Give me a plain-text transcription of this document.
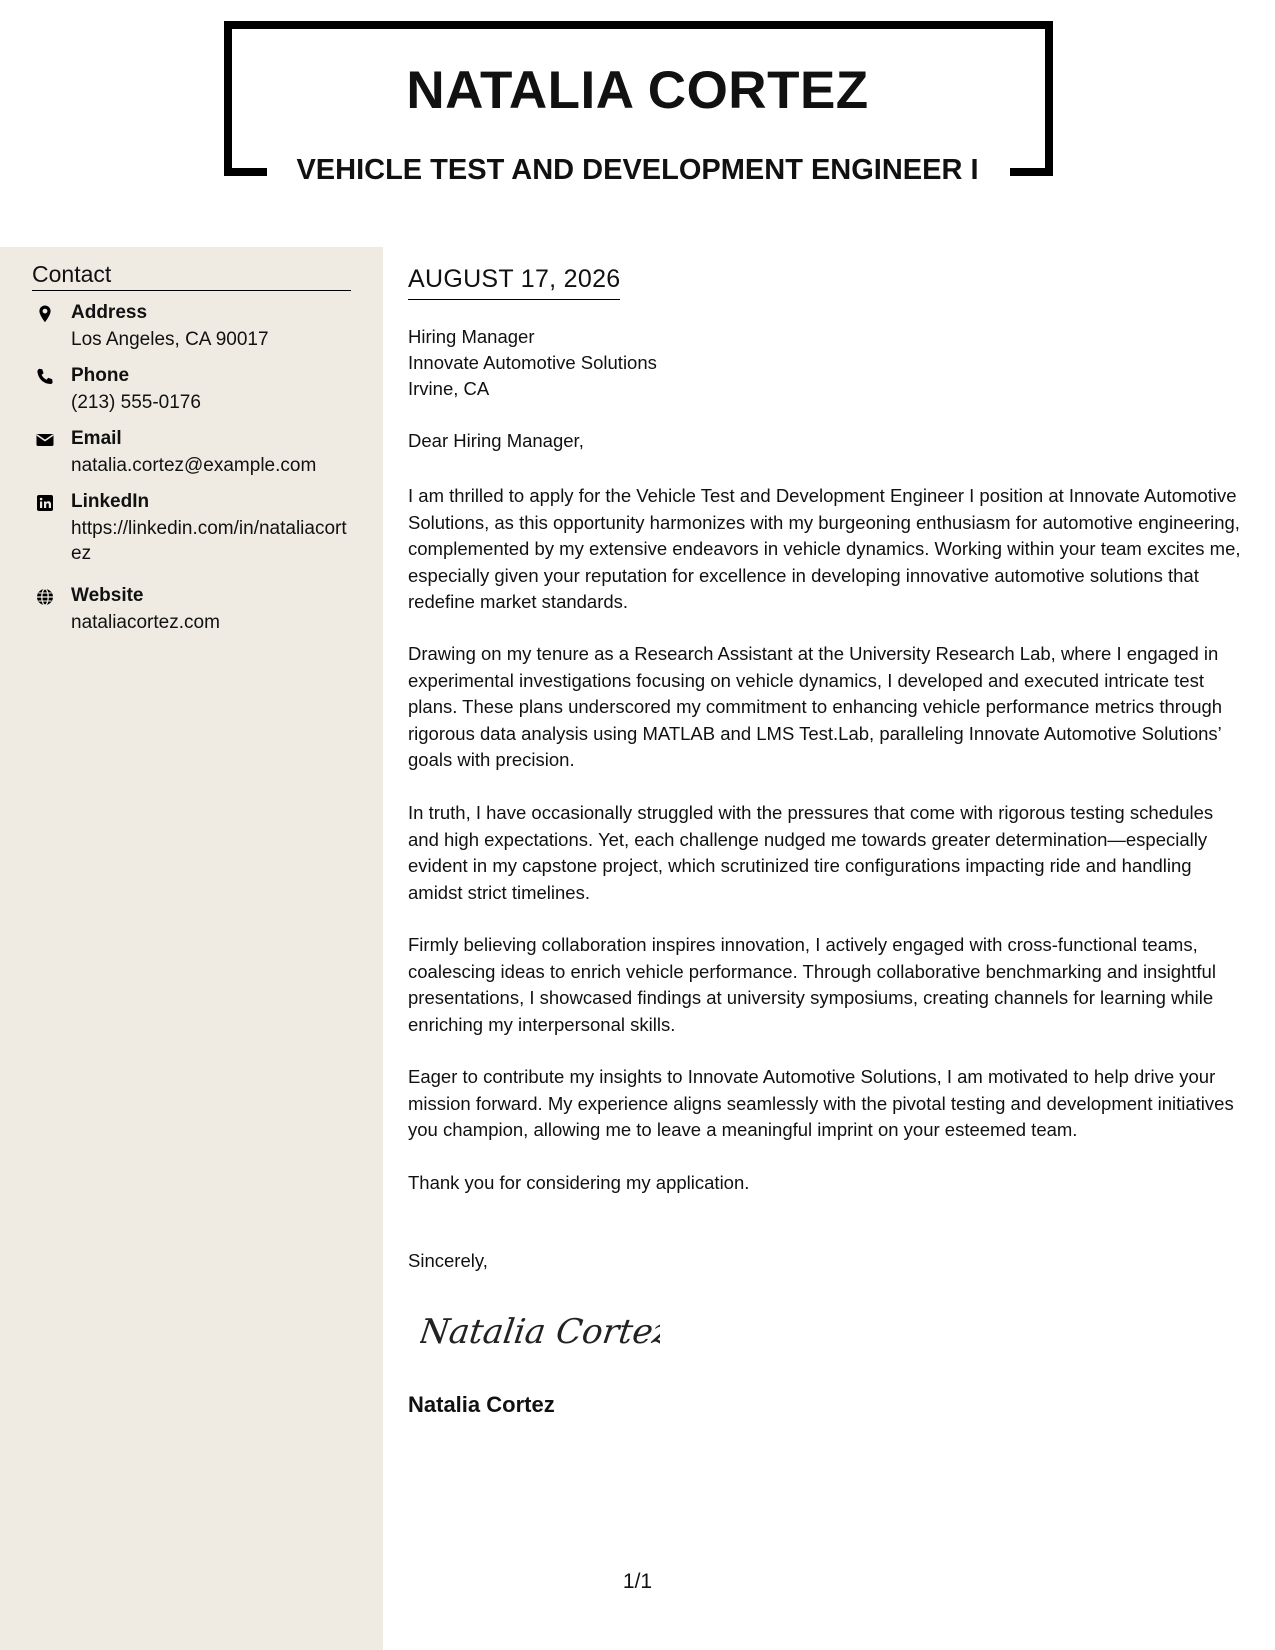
NATALIA CORTEZ
VEHICLE TEST AND DEVELOPMENT ENGINEER I
Contact
Address
Los Angeles, CA 90017
Phone
(213) 555-0176
Email
natalia.cortez@example.com
LinkedIn
https://linkedin.com/in/nataliacortez
Website
nataliacortez.com
AUGUST 17, 2026
Hiring Manager
Innovate Automotive Solutions
Irvine, CA
Dear Hiring Manager,

I am thrilled to apply for the Vehicle Test and Development Engineer I position at Innovate Automotive Solutions, as this opportunity harmonizes with my burgeoning enthusiasm for automotive engineering, complemented by my extensive endeavors in vehicle dynamics. Working within your team excites me, especially given your reputation for excellence in developing innovative automotive solutions that redefine market standards.

Drawing on my tenure as a Research Assistant at the University Research Lab, where I engaged in experimental investigations focusing on vehicle dynamics, I developed and executed intricate test plans. These plans underscored my commitment to enhancing vehicle performance metrics through rigorous data analysis using MATLAB and LMS Test.Lab, paralleling Innovate Automotive Solutions’ goals with precision.

In truth, I have occasionally struggled with the pressures that come with rigorous testing schedules and high expectations. Yet, each challenge nudged me towards greater determination—especially evident in my capstone project, which scrutinized tire configurations impacting ride and handling amidst strict timelines.

Firmly believing collaboration inspires innovation, I actively engaged with cross-functional teams, coalescing ideas to enrich vehicle performance. Through collaborative benchmarking and insightful presentations, I showcased findings at university symposiums, creating channels for learning while enriching my interpersonal skills.

Eager to contribute my insights to Innovate Automotive Solutions, I am motivated to help drive your mission forward. My experience aligns seamlessly with the pivotal testing and development initiatives you champion, allowing me to leave a meaningful imprint on your esteemed team.

Thank you for considering my application.

Sincerely,
Natalia Cortez
Natalia Cortez
1/1
